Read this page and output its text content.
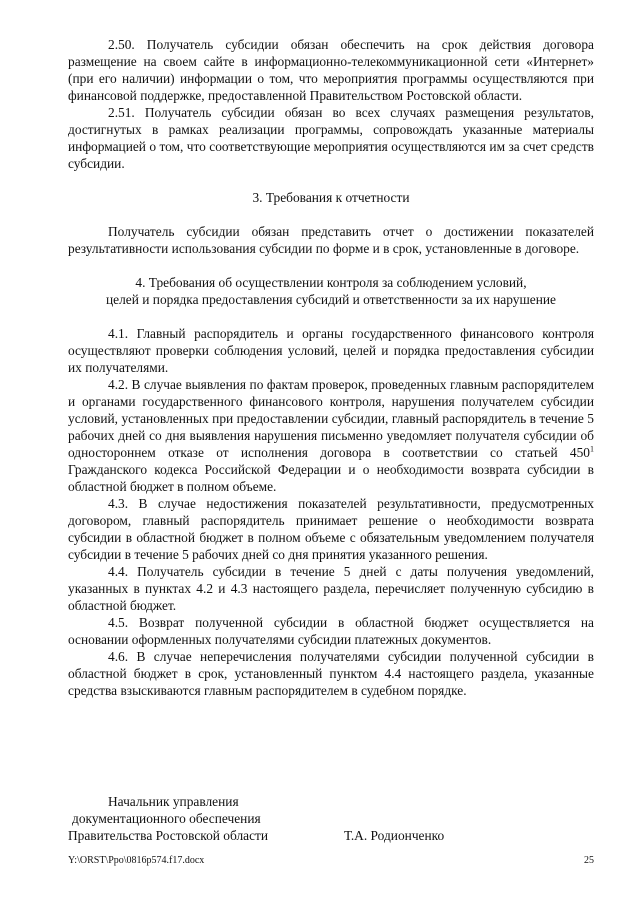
2.50. Получатель субсидии обязан обеспечить на срок действия договора размещение на своем сайте в информационно-телекоммуникационной сети «Интернет» (при его наличии) информации о том, что мероприятия программы осуществляются при финансовой поддержке, предоставленной Правительством Ростовской области.

2.51. Получатель субсидии обязан во всех случаях размещения результатов, достигнутых в рамках реализации программы, сопровождать указанные материалы информацией о том, что соответствующие мероприятия осуществляются им за счет средств субсидии.

3. Требования к отчетности

Получатель субсидии обязан представить отчет о достижении показателей результативности использования субсидии по форме и в срок, установленные в договоре.

4. Требования об осуществлении контроля за соблюдением условий,

целей и порядка предоставления субсидий и ответственности за их нарушение

4.1. Главный распорядитель и органы государственного финансового контроля осуществляют проверки соблюдения условий, целей и порядка предоставления субсидии их получателями.

4.2. В случае выявления по фактам проверок, проведенных главным распорядителем и органами государственного финансового контроля, нарушения получателем субсидии условий, установленных при предоставлении субсидии, главный распорядитель в течение 5 рабочих дней со дня выявления нарушения письменно уведомляет получателя субсидии об одностороннем отказе от исполнения договора в соответствии со статьей $450^1$ Гражданского кодекса Российской Федерации и о необходимости возврата субсидии в областной бюджет в полном объеме.

4.3. В случае недостижения показателей результативности, предусмотренных договором, главный распорядитель принимает решение о необходимости возврата субсидии в областной бюджет в полном объеме с обязательным уведомлением получателя субсидии в течение 5 рабочих дней со дня принятия указанного решения.

4.4. Получатель субсидии в течение 5 дней с даты получения уведомлений, указанных в пунктах 4.2 и 4.3 настоящего раздела, перечисляет полученную субсидию в областной бюджет.

4.5. Возврат полученной субсидии в областной бюджет осуществляется на основании оформленных получателями субсидии платежных документов.

4.6. В случае неперечисления получателями субсидии полученной субсидии в областной бюджет в срок, установленный пунктом 4.4 настоящего раздела, указанные средства взыскиваются главным распорядителем в судебном порядке.

Начальник управления
документационного обеспечения
Правительства Ростовской области	Т.А. Родионченко
Y:\ORST\Ppo\0816p574.f17.docx	25
